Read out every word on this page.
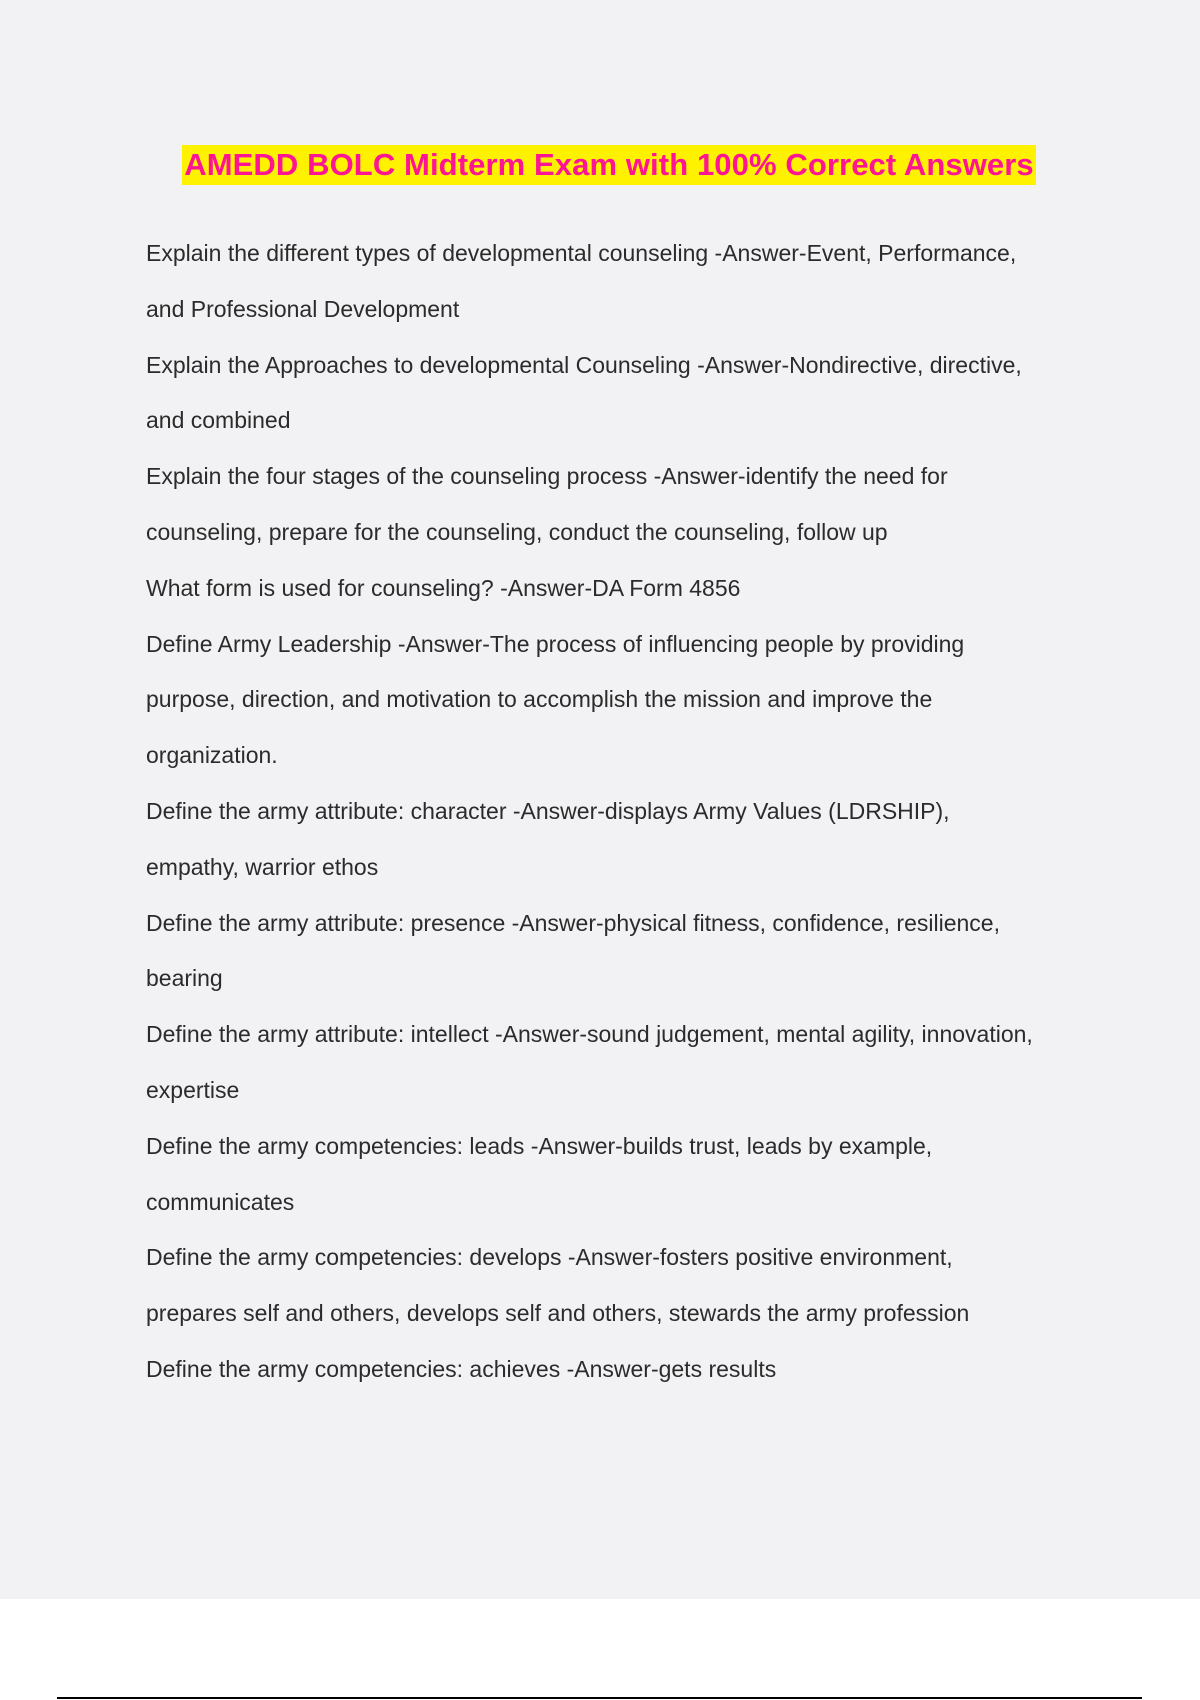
AMEDD BOLC Midterm Exam with 100% Correct Answers
Explain the different types of developmental counseling -Answer-Event, Performance,
and Professional Development
Explain the Approaches to developmental Counseling -Answer-Nondirective, directive,
and combined
Explain the four stages of the counseling process -Answer-identify the need for
counseling, prepare for the counseling, conduct the counseling, follow up
What form is used for counseling? -Answer-DA Form 4856
Define Army Leadership -Answer-The process of influencing people by providing
purpose, direction, and motivation to accomplish the mission and improve the
organization.
Define the army attribute: character -Answer-displays Army Values (LDRSHIP),
empathy, warrior ethos
Define the army attribute: presence -Answer-physical fitness, confidence, resilience,
bearing
Define the army attribute: intellect -Answer-sound judgement, mental agility, innovation,
expertise
Define the army competencies: leads -Answer-builds trust, leads by example,
communicates
Define the army competencies: develops -Answer-fosters positive environment,
prepares self and others, develops self and others, stewards the army profession
Define the army competencies: achieves -Answer-gets results
